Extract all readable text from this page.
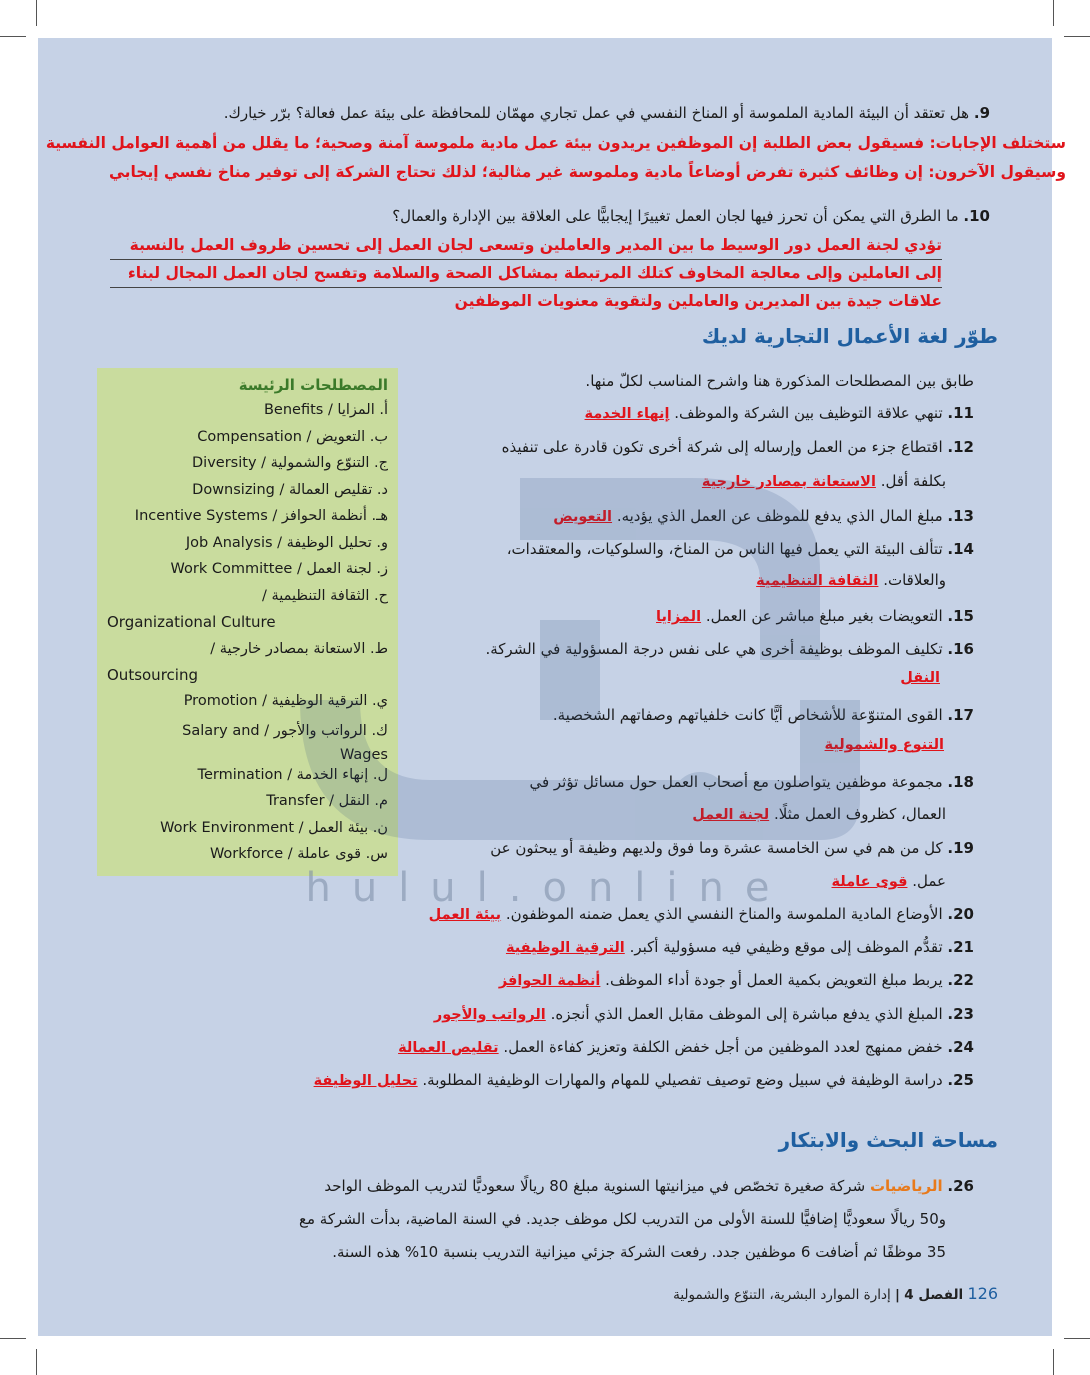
9. هل تعتقد أن البيئة المادية الملموسة أو المناخ النفسي في عمل تجاري مهمّان للمحافظة على بيئة عمل فعالة؟ برّر خيارك.
ستختلف الإجابات: فسيقول بعض الطلبة إن الموظفين يريدون بيئة عمل مادية ملموسة آمنة وصحية؛ ما يقلل من أهمية العوامل النفسية
وسيقول الآخرون: إن وظائف كثيرة تفرض أوضاعاً مادية وملموسة غير مثالية؛ لذلك تحتاج الشركة إلى توفير مناخ نفسي إيجابي
10. ما الطرق التي يمكن أن تحرز فيها لجان العمل تغييرًا إيجابيًّا على العلاقة بين الإدارة والعمال؟
تؤدي لجنة العمل دور الوسيط ما بين المدير والعاملين وتسعى لجان العمل إلى تحسين ظروف العمل بالنسبة
إلى العاملين وإلى معالجة المخاوف كتلك المرتبطة بمشاكل الصحة والسلامة وتفسح لجان العمل المجال لبناء
علاقات جيدة بين المديرين والعاملين ولتقوية معنويات الموظفين
طوّر لغة الأعمال التجارية لديك
طابق بين المصطلحات المذكورة هنا واشرح المناسب لكلّ منها.
المصطلحات الرئيسة
أ. المزايا / Benefits
ب. التعويض / Compensation
ج. التنوّع والشمولية / Diversity
د. تقليص العمالة / Downsizing
هـ. أنظمة الحوافز / Incentive Systems
و. تحليل الوظيفة / Job Analysis
ز. لجنة العمل / Work Committee
ح. الثقافة التنظيمية /
Organizational Culture
ط. الاستعانة بمصادر خارجية /
Outsourcing
ي. الترقية الوظيفية / Promotion
ك. الرواتب والأجور / Salary and Wages
ل. إنهاء الخدمة / Termination
م. النقل / Transfer
ن. بيئة العمل / Work Environment
س. قوى عاملة / Workforce
11. تنهي علاقة التوظيف بين الشركة والموظف. إنهاء الخدمة
12. اقتطاع جزء من العمل وإرساله إلى شركة أخرى تكون قادرة على تنفيذه
بكلفة أقل. الاستعانة بمصادر خارجية
13. مبلغ المال الذي يدفع للموظف عن العمل الذي يؤديه. التعويض
14. تتألف البيئة التي يعمل فيها الناس من المناخ، والسلوكيات، والمعتقدات،
والعلاقات. الثقافة التنظيمية
15. التعويضات بغير مبلغ مباشر عن العمل. المزايا
16. تكليف الموظف بوظيفة أخرى هي على نفس درجة المسؤولية في الشركة.
النقل
17. القوى المتنوّعة للأشخاص أيًّا كانت خلفياتهم وصفاتهم الشخصية.
التنوع والشمولية
18. مجموعة موظفين يتواصلون مع أصحاب العمل حول مسائل تؤثر في
العمال، كظروف العمل مثلًا. لجنة العمل
19. كل من هم في سن الخامسة عشرة وما فوق ولديهم وظيفة أو يبحثون عن
عمل. قوى عاملة
20. الأوضاع المادية الملموسة والمناخ النفسي الذي يعمل ضمنه الموظفون. بيئة العمل
21. تقدُّم الموظف إلى موقع وظيفي فيه مسؤولية أكبر. الترقية الوظيفية
22. يربط مبلغ التعويض بكمية العمل أو جودة أداء الموظف. أنظمة الحوافز
23. المبلغ الذي يدفع مباشرة إلى الموظف مقابل العمل الذي أنجزه. الرواتب والأجور
24. خفض ممنهج لعدد الموظفين من أجل خفض الكلفة وتعزيز كفاءة العمل. تقليص العمالة
25. دراسة الوظيفة في سبيل وضع توصيف تفصيلي للمهام والمهارات الوظيفية المطلوبة. تحليل الوظيفة
مساحة البحث والابتكار
26. الرياضيات شركة صغيرة تخصّص في ميزانيتها السنوية مبلغ 80 ريالًا سعوديًّا لتدريب الموظف الواحد
و50 ريالًا سعوديًّا إضافيًّا للسنة الأولى من التدريب لكل موظف جديد. في السنة الماضية، بدأت الشركة مع
35 موظفًا ثم أضافت 6 موظفين جدد. رفعت الشركة جزئي ميزانية التدريب بنسبة 10% هذه السنة.
126 الفصل 4 | إدارة الموارد البشرية، التنوّع والشمولية
hulul.online
